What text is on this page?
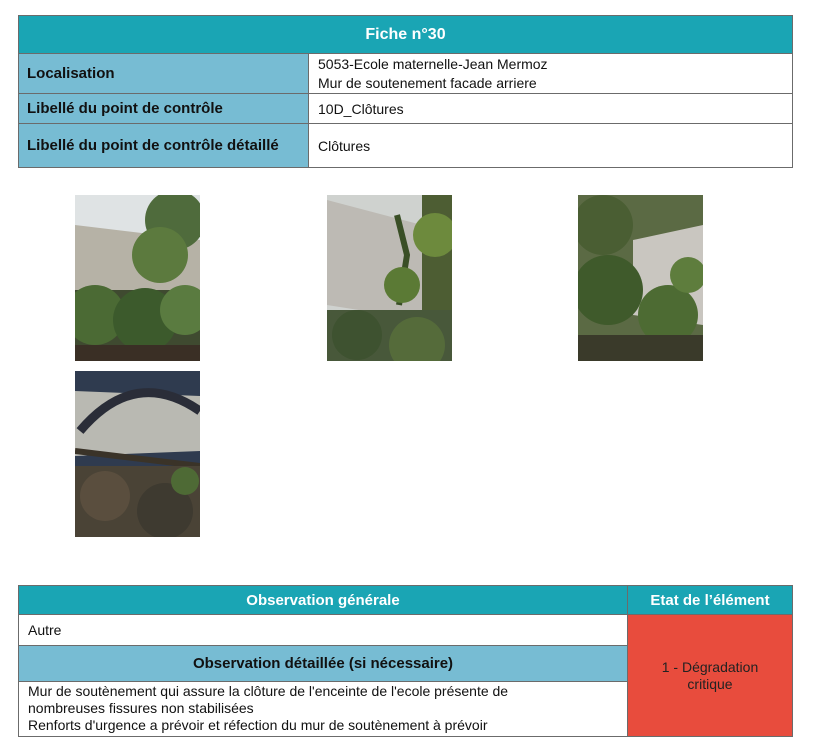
Fiche n°30	
Localisation	5053-Ecole maternelle-Jean Mermoz
Mur de soutenement facade arriere

Libellé du point de contrôle	10D_Clôtures
Libellé du point de contrôle détaillé	Clôtures
Observation générale	Etat de l’élément
Autre	1 - Dégradation
critique

Observation détaillée (si nécessaire)	

Mur de soutènement qui assure la clôture de l'enceinte de l'ecole présente de
nombreuses fissures non stabilisées
Renforts d'urgence a prévoir et réfection du mur de soutènement à prévoir	
